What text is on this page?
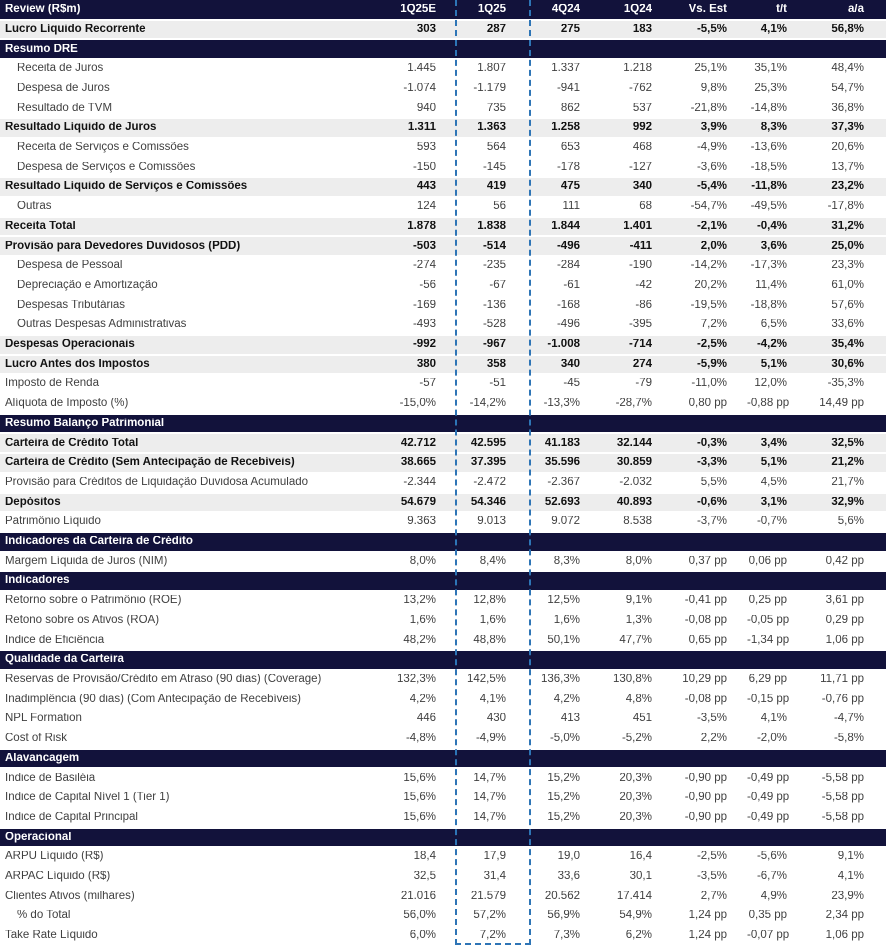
Review (R$m)	1Q25E	1Q25	4Q24	1Q24	Vs. Est	t/t	a/a
Lucro Líquido Recorrente	303	287	275	183	-5,5%	4,1%	56,8%
Resumo DRE
Receita de Juros	1.445	1.807	1.337	1.218	25,1%	35,1%	48,4%
Despesa de Juros	-1.074	-1.179	-941	-762	9,8%	25,3%	54,7%
Resultado de TVM	940	735	862	537	-21,8%	-14,8%	36,8%
Resultado Líquido de Juros	1.311	1.363	1.258	992	3,9%	8,3%	37,3%
Receita de Serviços e Comissões	593	564	653	468	-4,9%	-13,6%	20,6%
Despesa de Serviços e Comissões	-150	-145	-178	-127	-3,6%	-18,5%	13,7%
Resultado Líquido de Serviços e Comissões	443	419	475	340	-5,4%	-11,8%	23,2%
Outras	124	56	111	68	-54,7%	-49,5%	-17,8%
Receita Total	1.878	1.838	1.844	1.401	-2,1%	-0,4%	31,2%
Provisão para Devedores Duvidosos (PDD)	-503	-514	-496	-411	2,0%	3,6%	25,0%
Despesa de Pessoal	-274	-235	-284	-190	-14,2%	-17,3%	23,3%
Depreciação e Amortização	-56	-67	-61	-42	20,2%	11,4%	61,0%
Despesas Tributárias	-169	-136	-168	-86	-19,5%	-18,8%	57,6%
Outras Despesas Administrativas	-493	-528	-496	-395	7,2%	6,5%	33,6%
Despesas Operacionais	-992	-967	-1.008	-714	-2,5%	-4,2%	35,4%
Lucro Antes dos Impostos	380	358	340	274	-5,9%	5,1%	30,6%
Imposto de Renda	-57	-51	-45	-79	-11,0%	12,0%	-35,3%
Alíquota de Imposto (%)	-15,0%	-14,2%	-13,3%	-28,7%	0,80 pp	-0,88 pp	14,49 pp
Resumo Balanço Patrimonial
Carteira de Crédito Total	42.712	42.595	41.183	32.144	-0,3%	3,4%	32,5%
Carteira de Crédito (Sem Antecipação de Recebíveis)	38.665	37.395	35.596	30.859	-3,3%	5,1%	21,2%
Provisão para Créditos de Liquidação Duvidosa Acumulado	-2.344	-2.472	-2.367	-2.032	5,5%	4,5%	21,7%
Depósitos	54.679	54.346	52.693	40.893	-0,6%	3,1%	32,9%
Patrimônio Líquido	9.363	9.013	9.072	8.538	-3,7%	-0,7%	5,6%
Indicadores da Carteira de Crédito
Margem Líquida de Juros (NIM)	8,0%	8,4%	8,3%	8,0%	0,37 pp	0,06 pp	0,42 pp
Indicadores
Retorno sobre o Patrimônio (ROE)	13,2%	12,8%	12,5%	9,1%	-0,41 pp	0,25 pp	3,61 pp
Retono sobre os Ativos (ROA)	1,6%	1,6%	1,6%	1,3%	-0,08 pp	-0,05 pp	0,29 pp
Índice de Eficiência	48,2%	48,8%	50,1%	47,7%	0,65 pp	-1,34 pp	1,06 pp
Qualidade da Carteira
Reservas de Provisão/Crédito em Atraso (90 dias) (Coverage)	132,3%	142,5%	136,3%	130,8%	10,29 pp	6,29 pp	11,71 pp
Inadimplência (90 dias) (Com Antecipação de Recebíveis)	4,2%	4,1%	4,2%	4,8%	-0,08 pp	-0,15 pp	-0,76 pp
NPL Formation	446	430	413	451	-3,5%	4,1%	-4,7%
Cost of Risk	-4,8%	-4,9%	-5,0%	-5,2%	2,2%	-2,0%	-5,8%
Alavancagem
Índice de Basiléia	15,6%	14,7%	15,2%	20,3%	-0,90 pp	-0,49 pp	-5,58 pp
Índice de Capital Nível 1 (Tier 1)	15,6%	14,7%	15,2%	20,3%	-0,90 pp	-0,49 pp	-5,58 pp
Índice de Capital Principal	15,6%	14,7%	15,2%	20,3%	-0,90 pp	-0,49 pp	-5,58 pp
Operacional
ARPU Líquido (R$)	18,4	17,9	19,0	16,4	-2,5%	-5,6%	9,1%
ARPAC Líquido (R$)	32,5	31,4	33,6	30,1	-3,5%	-6,7%	4,1%
Clientes Ativos (milhares)	21.016	21.579	20.562	17.414	2,7%	4,9%	23,9%
% do Total	56,0%	57,2%	56,9%	54,9%	1,24 pp	0,35 pp	2,34 pp
Take Rate Líquido	6,0%	7,2%	7,3%	6,2%	1,24 pp	-0,07 pp	1,06 pp
